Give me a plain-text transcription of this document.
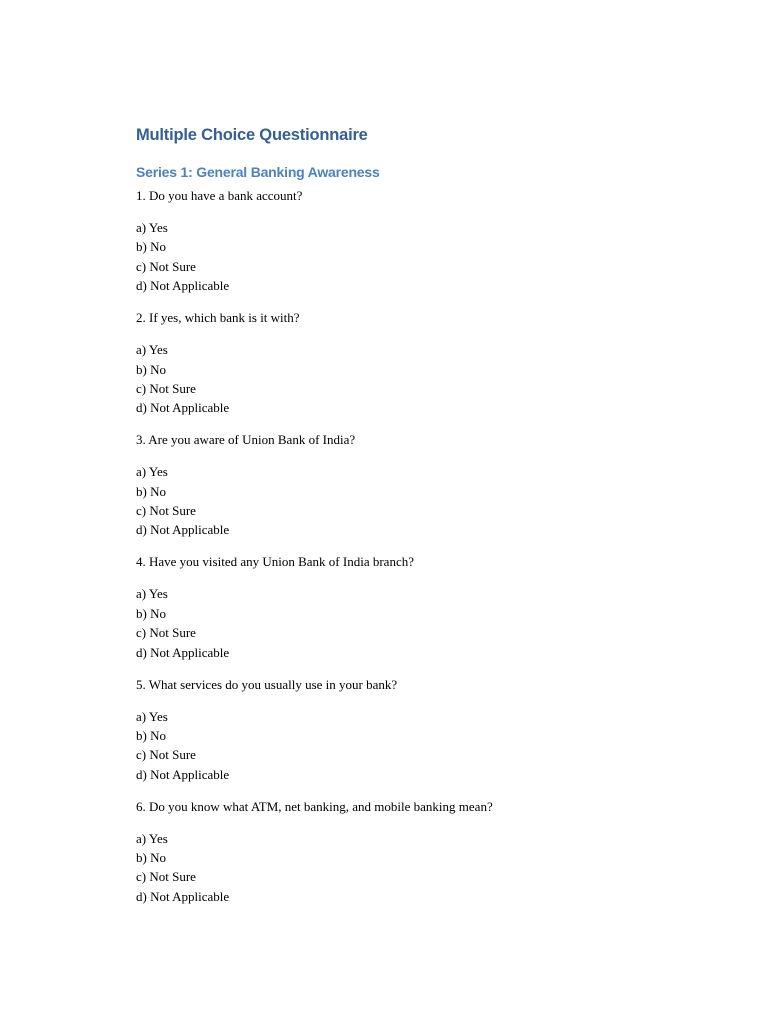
Multiple Choice Questionnaire
Series 1: General Banking Awareness

1. Do you have a bank account?

a) Yes
b) No
c) Not Sure
d) Not Applicable

2. If yes, which bank is it with?

a) Yes
b) No
c) Not Sure
d) Not Applicable

3. Are you aware of Union Bank of India?

a) Yes
b) No
c) Not Sure
d) Not Applicable

4. Have you visited any Union Bank of India branch?

a) Yes
b) No
c) Not Sure
d) Not Applicable

5. What services do you usually use in your bank?

a) Yes
b) No
c) Not Sure
d) Not Applicable

6. Do you know what ATM, net banking, and mobile banking mean?

a) Yes
b) No
c) Not Sure
d) Not Applicable
